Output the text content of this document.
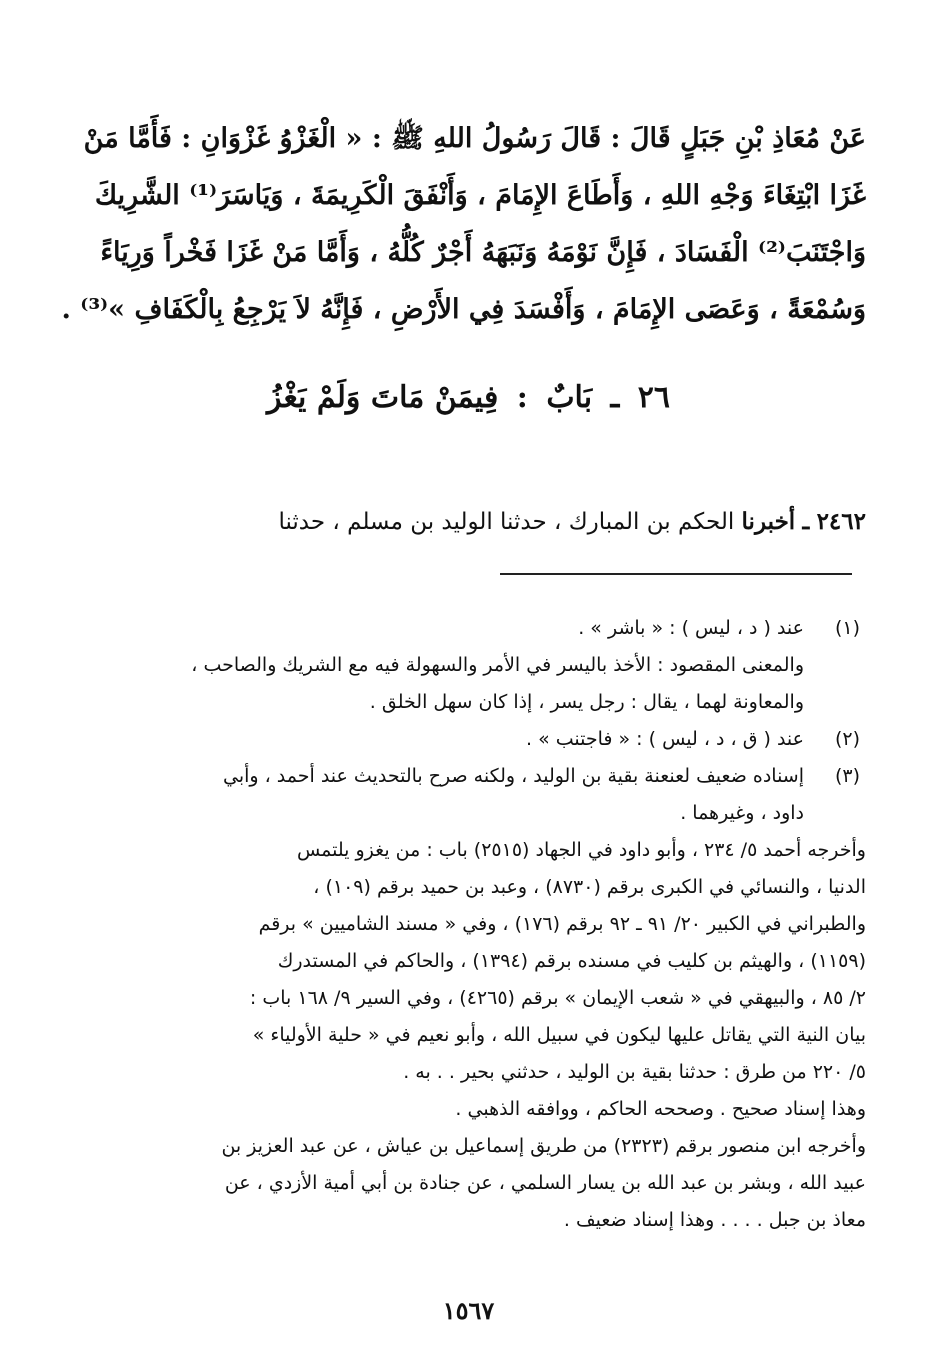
عَنْ مُعَاذِ بْنِ جَبَلٍ قَالَ : قَالَ رَسُولُ اللهِ ﷺ : « الْغَزْوُ غَزْوَانِ : فَأَمَّا مَنْ
غَزَا ابْتِغَاءَ وَجْهِ اللهِ ، وَأَطَاعَ الإِمَامَ ، وَأَنْفَقَ الْكَرِيمَةَ ، وَيَاسَرَ⁽¹⁾ الشَّرِيكَ
وَاجْتَنَبَ⁽²⁾ الْفَسَادَ ، فَإِنَّ نَوْمَهُ وَنَبَهَهُ أَجْرٌ كُلُّهُ ، وَأَمَّا مَنْ غَزَا فَخْراً وَرِيَاءً
وَسُمْعَةً ، وَعَصَى الإِمَامَ ، وَأَفْسَدَ فِي الأَرْضِ ، فَإِنَّهُ لاَ يَرْجِعُ بِالْكَفَافِ »⁽³⁾ .
٢٦ ـ بَابٌ : فِيمَنْ مَاتَ وَلَمْ يَغْزُ
٢٤٦٢ ـ أخبرنا الحكم بن المبارك ، حدثنا الوليد بن مسلم ، حدثنا
(١)
عند ( د ، ليس ) : « باشر » .
والمعنى المقصود : الأخذ باليسر في الأمر والسهولة فيه مع الشريك والصاحب ،
والمعاونة لهما ، يقال : رجل يسر ، إذا كان سهل الخلق .
(٢)
عند ( ق ، د ، ليس ) : « فاجتنب » .
(٣)
إسناده ضعيف لعنعنة بقية بن الوليد ، ولكنه صرح بالتحديث عند أحمد ، وأبي
داود ، وغيرهما .
وأخرجه أحمد ٥/ ٢٣٤ ، وأبو داود في الجهاد (٢٥١٥) باب : من يغزو يلتمس
الدنيا ، والنسائي في الكبرى برقم (٨٧٣٠) ، وعبد بن حميد برقم (١٠٩) ،
والطبراني في الكبير ٢٠/ ٩١ ـ ٩٢ برقم (١٧٦) ، وفي « مسند الشاميين » برقم
(١١٥٩) ، والهيثم بن كليب في مسنده برقم (١٣٩٤) ، والحاكم في المستدرك
٢/ ٨٥ ، والبيهقي في « شعب الإيمان » برقم (٤٢٦٥) ، وفي السير ٩/ ١٦٨ باب :
بيان النية التي يقاتل عليها ليكون في سبيل الله ، وأبو نعيم في « حلية الأولياء »
٥/ ٢٢٠ من طرق : حدثنا بقية بن الوليد ، حدثني بحير . . به .
وهذا إسناد صحيح . وصححه الحاكم ، ووافقه الذهبي .
وأخرجه ابن منصور برقم (٢٣٢٣) من طريق إسماعيل بن عياش ، عن عبد العزيز بن
عبيد الله ، وبشر بن عبد الله بن يسار السلمي ، عن جنادة بن أبي أمية الأزدي ، عن
معاذ بن جبل . . . . وهذا إسناد ضعيف .
١٥٦٧
